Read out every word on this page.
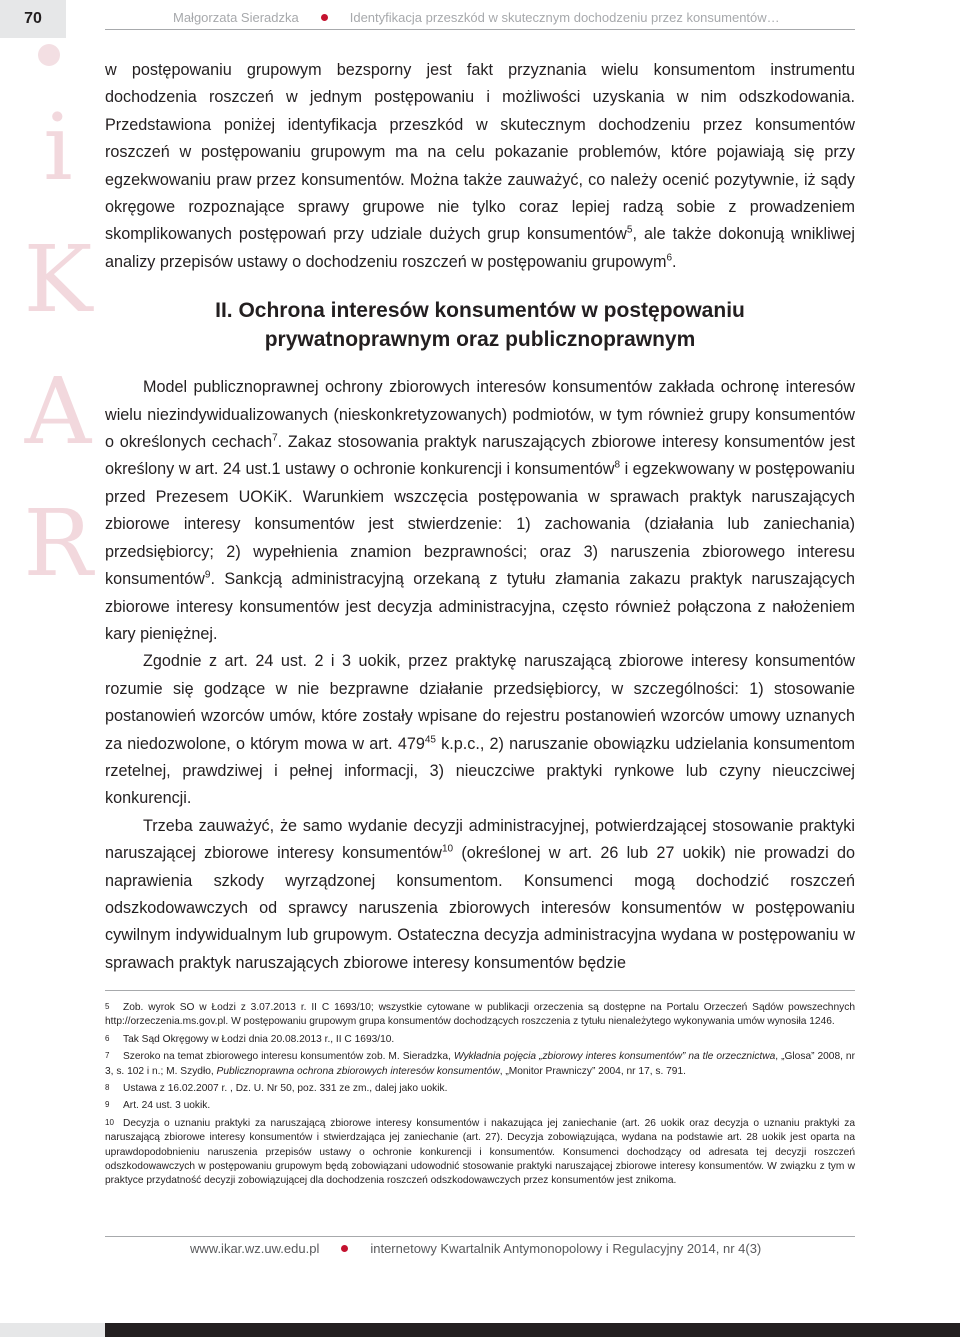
70	Małgorzata Sieradzka	Identyfikacja przeszkód w skutecznym dochodzeniu przez konsumentów…
i
K
A
R

w postępowaniu grupowym bezsporny jest fakt przyznania wielu konsumentom instrumentu dochodzenia roszczeń w jednym postępowaniu i możliwości uzyskania w nim odszkodowania. Przedstawiona poniżej identyfikacja przeszkód w skutecznym dochodzeniu przez konsumentów roszczeń w postępowaniu grupowym ma na celu pokazanie problemów, które pojawiają się przy egzekwowaniu praw przez konsumentów. Można także zauważyć, co należy ocenić pozytywnie, iż sądy okręgowe rozpoznające sprawy grupowe nie tylko coraz lepiej radzą sobie z prowadzeniem skomplikowanych postępowań przy udziale dużych grup konsumentów$^5$, ale także dokonują wnikliwej analizy przepisów ustawy o dochodzeniu roszczeń w postępowaniu grupowym$^6$.

II. Ochrona interesów konsumentów w postępowaniu
prywatnoprawnym oraz publicznoprawnym

Model publicznoprawnej ochrony zbiorowych interesów konsumentów zakłada ochronę interesów wielu niezindywidualizowanych (nieskonkretyzowanych) podmiotów, w tym również grupy konsumentów o określonych cechach$^7$. Zakaz stosowania praktyk naruszających zbiorowe interesy konsumentów jest określony w art. 24 ust.1 ustawy o ochronie konkurencji i konsumentów$^8$ i egzekwowany w postępowaniu przed Prezesem UOKiK. Warunkiem wszczęcia postępowania w sprawach praktyk naruszających zbiorowe interesy konsumentów jest stwierdzenie: 1) zachowania (działania lub zaniechania) przedsiębiorcy; 2) wypełnienia znamion bezprawności; oraz 3) naruszenia zbiorowego interesu konsumentów$^9$. Sankcją administracyjną orzekaną z tytułu złamania zakazu praktyk naruszających zbiorowe interesy konsumentów jest decyzja administracyjna, często również połączona z nałożeniem kary pieniężnej.

Zgodnie z art. 24 ust. 2 i 3 uokik, przez praktykę naruszającą zbiorowe interesy konsumentów rozumie się godzące w nie bezprawne działanie przedsiębiorcy, w szczególności: 1) stosowanie postanowień wzorców umów, które zostały wpisane do rejestru postanowień wzorców umowy uznanych za niedozwolone, o którym mowa w art. $479^{45}$ k.p.c., 2) naruszanie obowiązku udzielania konsumentom rzetelnej, prawdziwej i pełnej informacji, 3) nieuczciwe praktyki rynkowe lub czyny nieuczciwej konkurencji.

Trzeba zauważyć, że samo wydanie decyzji administracyjnej, potwierdzającej stosowanie praktyki naruszającej zbiorowe interesy konsumentów$^{10}$ (określonej w art. 26 lub 27 uokik) nie prowadzi do naprawienia szkody wyrządzonej konsumentom. Konsumenci mogą dochodzić roszczeń odszkodowawczych od sprawcy naruszenia zbiorowych interesów konsumentów w postępowaniu cywilnym indywidualnym lub grupowym. Ostateczna decyzja administracyjna wydana w postępowaniu w sprawach praktyk naruszających zbiorowe interesy konsumentów będzie

5 Zob. wyrok SO w Łodzi z 3.07.2013 r. II C 1693/10; wszystkie cytowane w publikacji orzeczenia są dostępne na Portalu Orzeczeń Sądów powszechnych http://orzeczenia.ms.gov.pl. W postępowaniu grupowym grupa konsumentów dochodzących roszczenia z tytułu nienależytego wykonywania umów wynosiła 1246.
6 Tak Sąd Okręgowy w Łodzi dnia 20.08.2013 r., II C 1693/10.
7 Szeroko na temat zbiorowego interesu konsumentów zob. M. Sieradzka, Wykładnia pojęcia „zbiorowy interes konsumentów” na tle orzecznictwa, „Glosa” 2008, nr 3, s. 102 i n.; M. Szydło, Publicznoprawna ochrona zbiorowych interesów konsumentów, „Monitor Prawniczy” 2004, nr 17, s. 791.
8 Ustawa z 16.02.2007 r. , Dz. U. Nr 50, poz. 331 ze zm., dalej jako uokik.
9 Art. 24 ust. 3 uokik.
10 Decyzja o uznaniu praktyki za naruszającą zbiorowe interesy konsumentów i nakazująca jej zaniechanie (art. 26 uokik oraz decyzja o uznaniu praktyki za naruszającą zbiorowe interesy konsumentów i stwierdzająca jej zaniechanie (art. 27). Decyzja zobowiązująca, wydana na podstawie art. 28 uokik jest oparta na uprawdopodobnieniu naruszenia przepisów ustawy o ochronie konkurencji i konsumentów. Konsumenci dochodzący od adresata tej decyzji roszczeń odszkodowawczych w postępowaniu grupowym będą zobowiązani udowodnić stosowanie praktyki naruszającej zbiorowe interesy konsumentów. W związku z tym w praktyce przydatność decyzji zobowiązującej dla dochodzenia roszczeń odszkodowawczych przez konsumentów jest znikoma.
www.ikar.wz.uw.edu.pl	internetowy Kwartalnik Antymonopolowy i Regulacyjny 2014, nr 4(3)
